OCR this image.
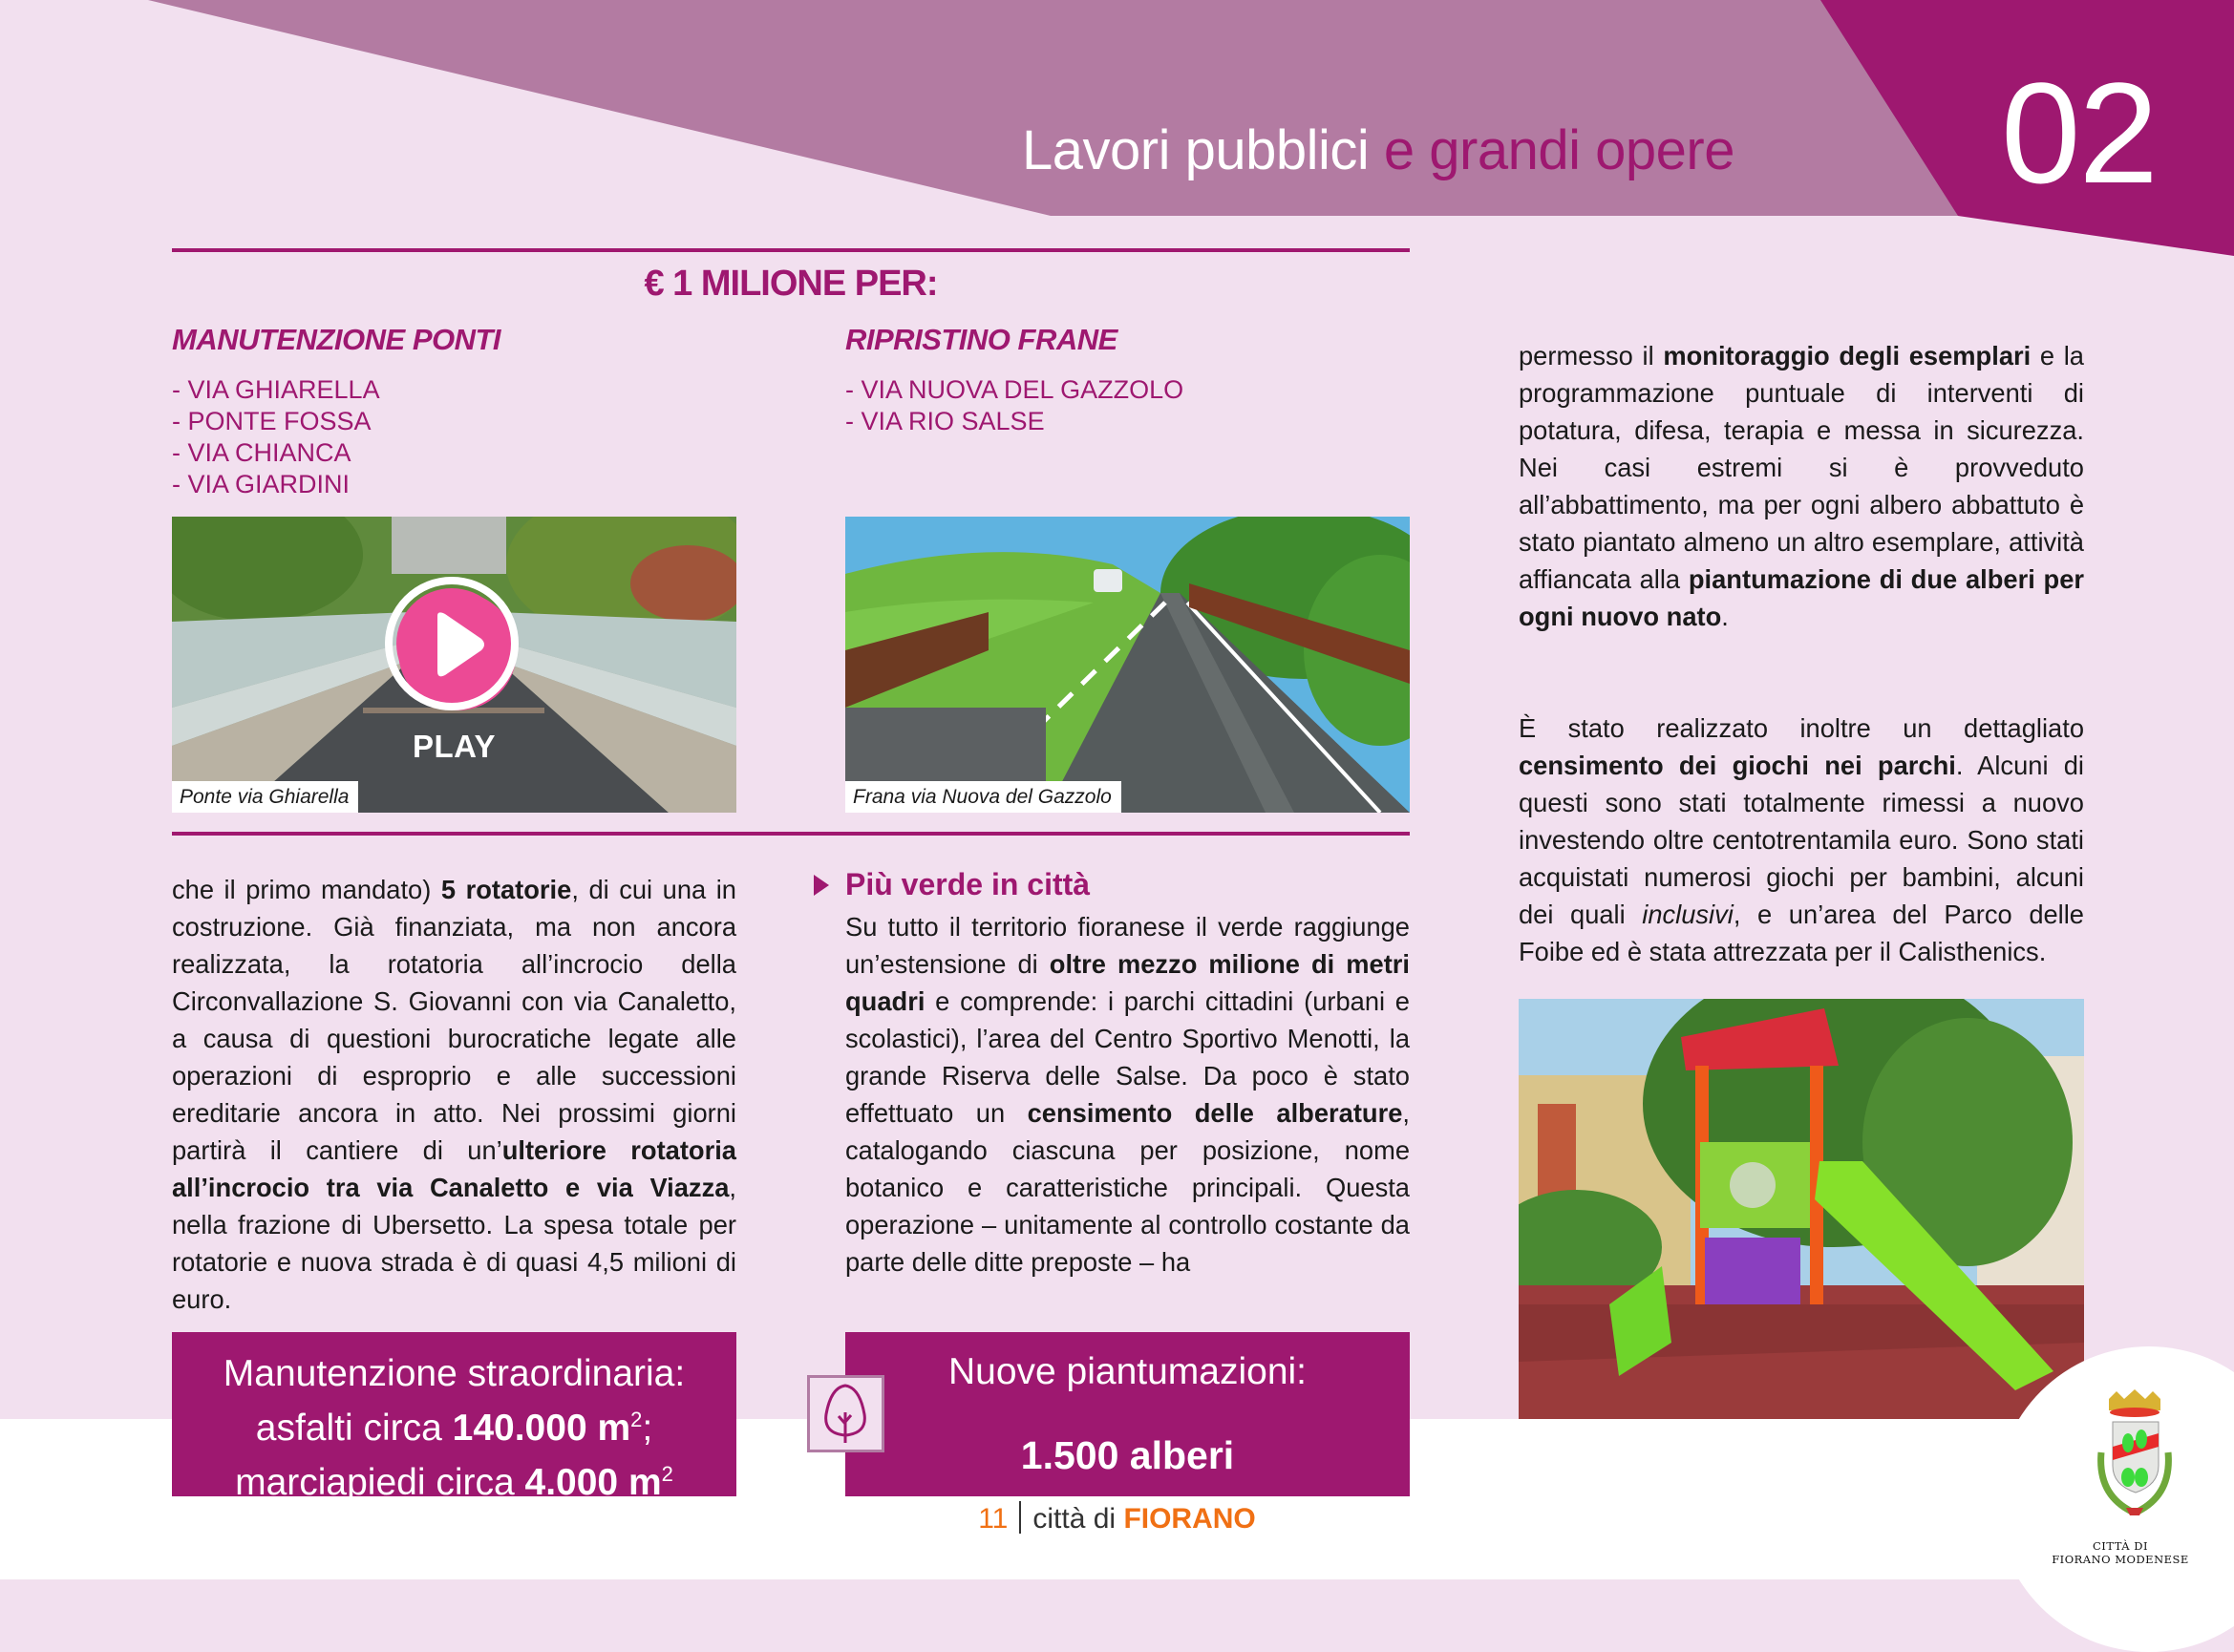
Lavori pubblici e grandi opere 02
€ 1 MILIONE PER:
MANUTENZIONE PONTI
- VIA GHIARELLA
- PONTE FOSSA
- VIA CHIANCA
- VIA GIARDINI
RIPRISTINO FRANE
- VIA NUOVA DEL GAZZOLO
- VIA RIO SALSE
PLAY
Ponte via Ghiarella	Frana via Nuova del Gazzolo

che il primo mandato) 5 rotatorie, di cui una in costruzione. Già finanziata, ma non ancora realizzata, la rotatoria all’incrocio della Circonvallazione S. Giovanni con via Canaletto, a causa di questioni burocratiche legate alle operazioni di esproprio e alle successioni ereditarie ancora in atto. Nei prossimi giorni partirà il cantiere di un’ulteriore rotatoria all’incrocio tra via Canaletto e via Viazza, nella frazione di Ubersetto. La spesa totale per rotatorie e nuova strada è di quasi 4,5 milioni di euro.

Più verde in città

Su tutto il territorio fioranese il verde raggiunge un’estensione di oltre mezzo milione di metri quadri e comprende: i parchi cittadini (urbani e scolastici), l’area del Centro Sportivo Menotti, la grande Riserva delle Salse. Da poco è stato effettuato un censimento delle alberature, catalogando ciascuna per posizione, nome botanico e caratteristiche principali. Questa operazione – unitamente al controllo costante da parte delle ditte preposte – ha

permesso il monitoraggio degli esemplari e la programmazione puntuale di interventi di potatura, difesa, terapia e messa in sicurezza. Nei casi estremi si è provveduto all’abbattimento, ma per ogni albero abbattuto è stato piantato almeno un altro esemplare, attività affiancata alla piantumazione di due alberi per ogni nuovo nato.

È stato realizzato inoltre un dettagliato censimento dei giochi nei parchi. Alcuni di questi sono stati totalmente rimessi a nuovo investendo oltre centotrentamila euro. Sono stati acquistati numerosi giochi per bambini, alcuni dei quali inclusivi, e un’area del Parco delle Foibe ed è stata attrezzata per il Calisthenics.

CITTÀ DI
FIORANO MODENESE
Manutenzione straordinaria:
asfalti circa 140.000 $m^2$;
marciapiedi circa 4.000 $m^2$
Nuove piantumazioni:
1.500 alberi
11 città di FIORANO
